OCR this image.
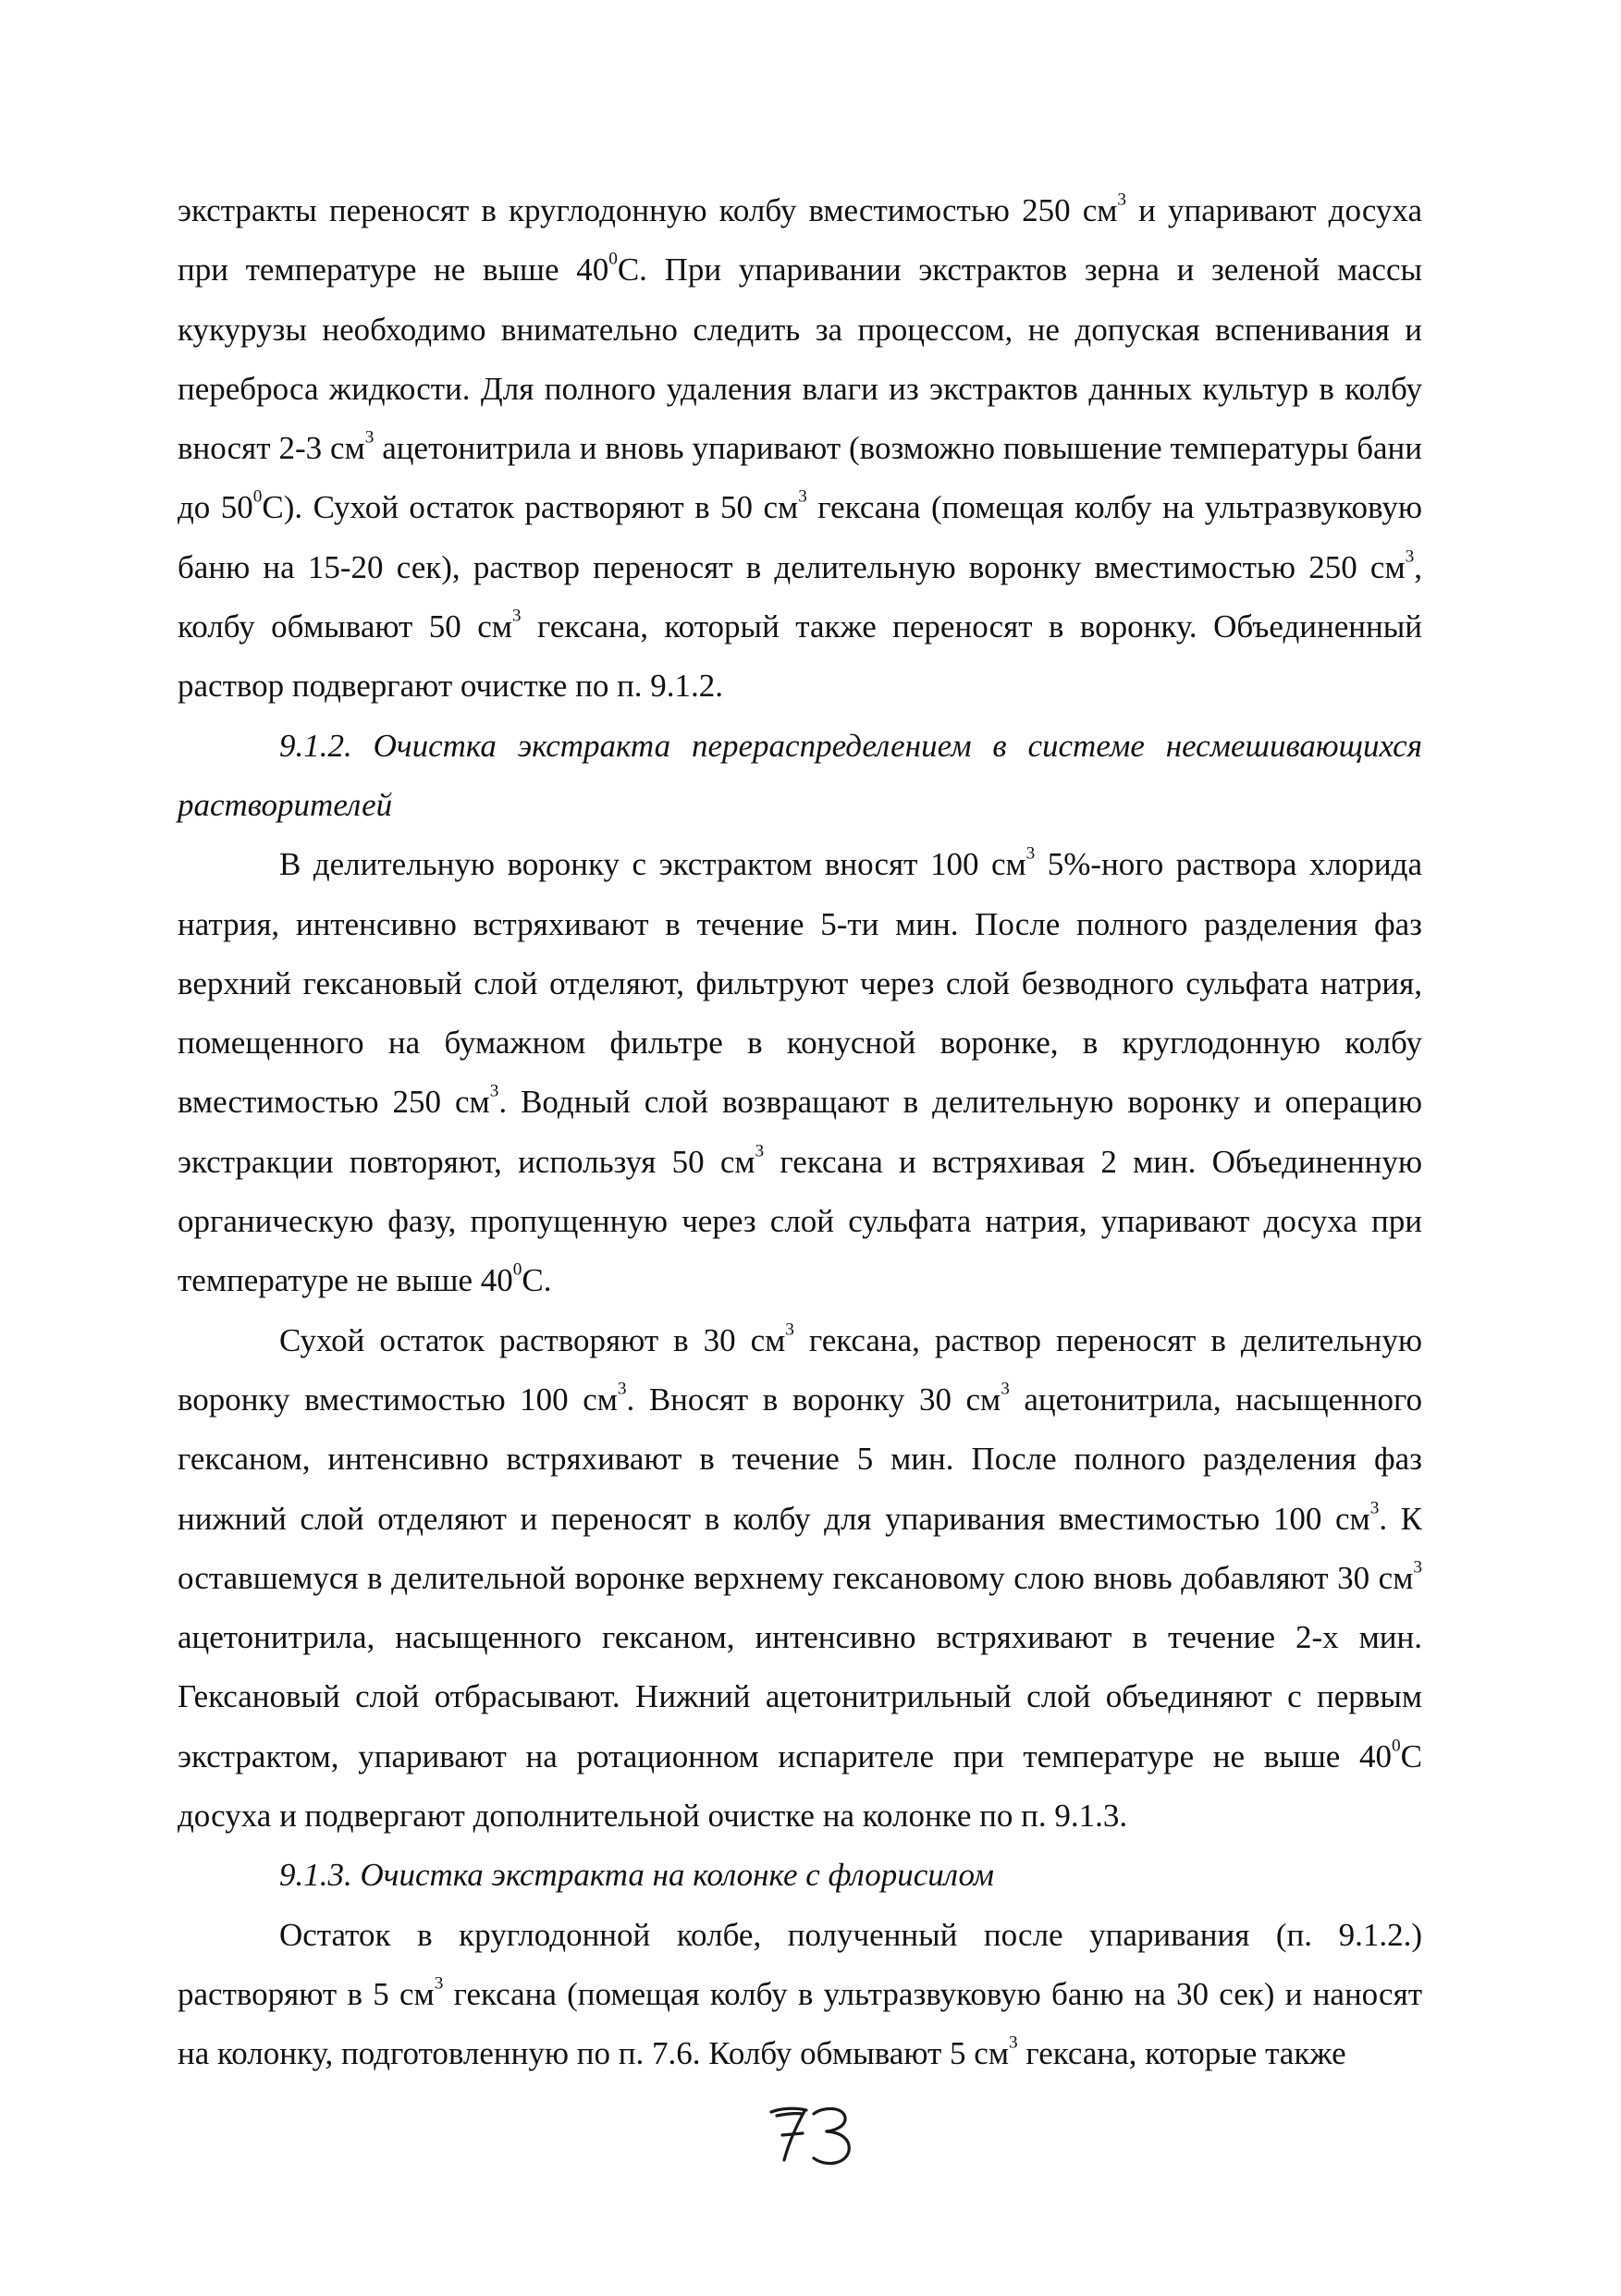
экстракты переносят в круглодонную колбу вместимостью 250 $см^3$ и упаривают досуха при температуре не выше $40^0С$. При упаривании экстрактов зерна и зеленой массы кукурузы необходимо внимательно следить за процессом, не допуская вспенивания и переброса жидкости. Для полного удаления влаги из экстрактов данных культур в колбу вносят 2-3 $см^3$ ацетонитрила и вновь упаривают (возможно повышение температуры бани до $50^0С$). Сухой остаток растворяют в 50 $см^3$ гексана (помещая колбу на ультразвуковую баню на 15-20 сек), раствор переносят в делительную воронку вместимостью 250 $см^3$, колбу обмывают 50 $см^3$ гексана, который также переносят в воронку. Объединенный раствор подвергают очистке по п. 9.1.2.

9.1.2. Очистка экстракта перераспределением в системе несмешивающихся растворителей

В делительную воронку с экстрактом вносят 100 $см^3$ 5%-ного раствора хлорида натрия, интенсивно встряхивают в течение 5-ти мин. После полного разделения фаз верхний гексановый слой отделяют, фильтруют через слой безводного сульфата натрия, помещенного на бумажном фильтре в конусной воронке, в круглодонную колбу вместимостью 250 $см^3$. Водный слой возвращают в делительную воронку и операцию экстракции повторяют, используя 50 $см^3$ гексана и встряхивая 2 мин. Объединенную органическую фазу, пропущенную через слой сульфата натрия, упаривают досуха при температуре не выше $40^0С$.

Сухой остаток растворяют в 30 $см^3$ гексана, раствор переносят в делительную воронку вместимостью 100 $см^3$. Вносят в воронку 30 $см^3$ ацетонитрила, насыщенного гексаном, интенсивно встряхивают в течение 5 мин. После полного разделения фаз нижний слой отделяют и переносят в колбу для упаривания вместимостью 100 $см^3$. К оставшемуся в делительной воронке верхнему гексановому слою вновь добавляют 30 $см^3$ ацетонитрила, насыщенного гексаном, интенсивно встряхивают в течение 2-х мин. Гексановый слой отбрасывают. Нижний ацетонитрильный слой объединяют с первым экстрактом, упаривают на ротационном испарителе при температуре не выше $40^0С$ досуха и подвергают дополнительной очистке на колонке по п. 9.1.3.

9.1.3. Очистка экстракта на колонке с флорисилом

Остаток в круглодонной колбе, полученный после упаривания (п. 9.1.2.) растворяют в 5 $см^3$ гексана (помещая колбу в ультразвуковую баню на 30 сек) и наносят на колонку, подготовленную по п. 7.6. Колбу обмывают 5 $см^3$ гексана, которые также
